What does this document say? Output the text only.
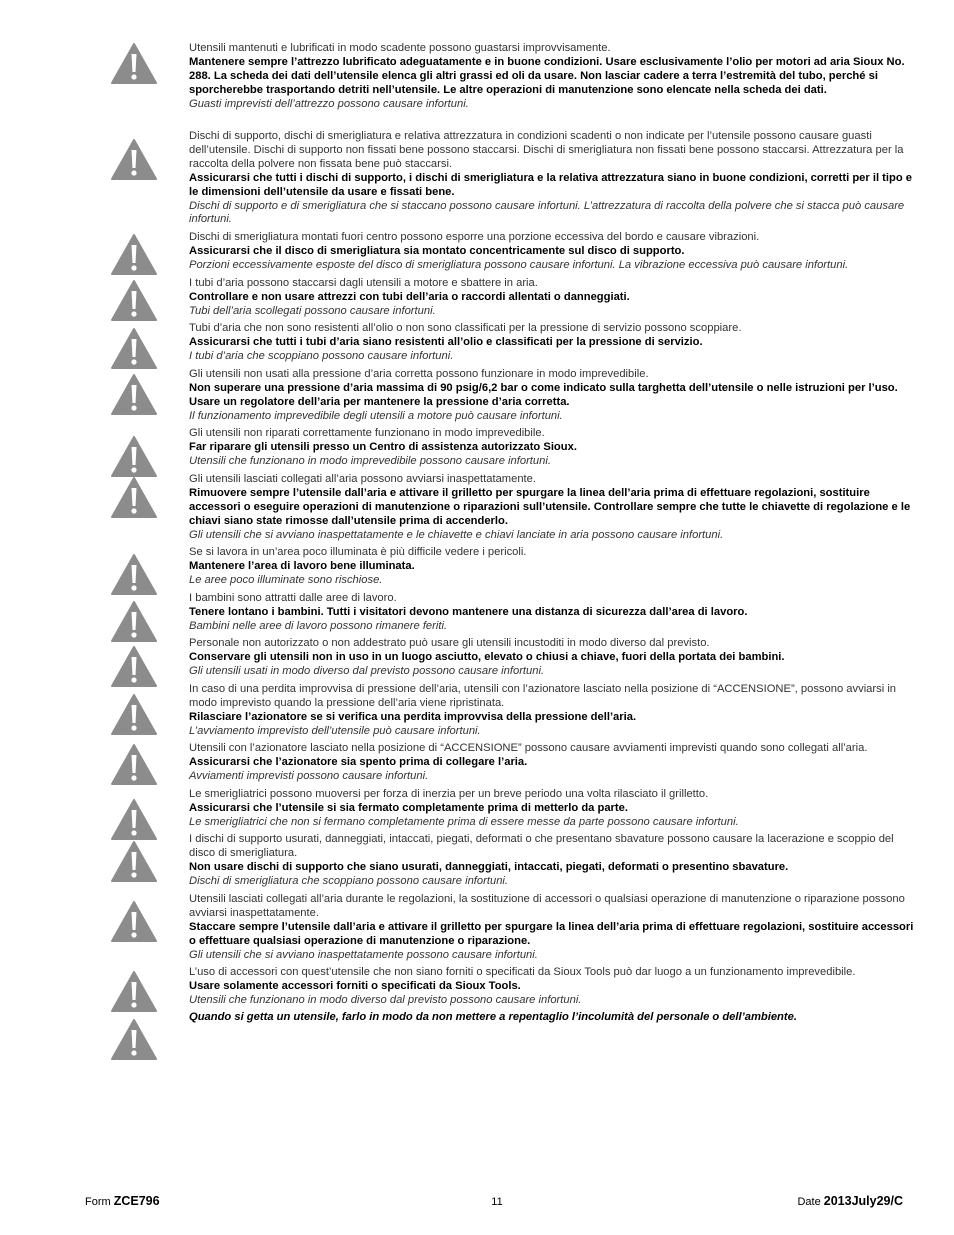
Utensili mantenuti e lubrificati in modo scadente possono guastarsi improvvisamente.

Mantenere sempre l’attrezzo lubrificato adeguatamente e in buone condizioni. Usare esclusivamente l’olio per motori ad aria Sioux No. 288. La scheda dei dati dell’utensile elenca gli altri grassi ed oli da usare. Non lasciar cadere a terra l’estremità del tubo, perché si sporcherebbe trasportando detriti nell’utensile. Le altre operazioni di manutenzione sono elencate nella scheda dei dati.

Guasti imprevisti dell’attrezzo possono causare infortuni.

Dischi di supporto, dischi di smerigliatura e relativa attrezzatura in condizioni scadenti o non indicate per l’utensile possono causare guasti dell’utensile. Dischi di supporto non fissati bene possono staccarsi. Dischi di smerigliatura non fissati bene possono staccarsi. Attrezzatura per la raccolta della polvere non fissata bene può staccarsi.

Assicurarsi che tutti i dischi di supporto, i dischi di smerigliatura e la relativa attrezzatura siano in buone condizioni, corretti per il tipo e le dimensioni dell’utensile da usare e fissati bene.

Dischi di supporto e di smerigliatura che si staccano possono causare infortuni. L’attrezzatura di raccolta della polvere che si stacca può causare infortuni.

Dischi di smerigliatura montati fuori centro possono esporre una porzione eccessiva del bordo e causare vibrazioni.

Assicurarsi che il disco di smerigliatura sia montato concentricamente sul disco di supporto.

Porzioni eccessivamente esposte del disco di smerigliatura possono causare infortuni. La vibrazione eccessiva può causare infortuni.

I tubi d’aria possono staccarsi dagli utensili a motore e sbattere in aria.

Controllare e non usare attrezzi con tubi dell’aria o raccordi allentati o danneggiati.

Tubi dell’aria scollegati possono causare infortuni.

Tubi d’aria che non sono resistenti all’olio o non sono classificati per la pressione di servizio possono scoppiare.

Assicurarsi che tutti i tubi d’aria siano resistenti all’olio e classificati per la pressione di servizio.

I tubi d’aria che scoppiano possono causare infortuni.

Gli utensili non usati alla pressione d’aria corretta possono funzionare in modo imprevedibile.

Non superare una pressione d’aria massima di 90 psig/6,2 bar o come indicato sulla targhetta dell’utensile o nelle istruzioni per l’uso. Usare un regolatore dell’aria per mantenere la pressione d’aria corretta.

Il funzionamento imprevedibile degli utensili a motore può causare infortuni.

Gli utensili non riparati correttamente funzionano in modo imprevedibile.

Far riparare gli utensili presso un Centro di assistenza autorizzato Sioux.

Utensili che funzionano in modo imprevedibile possono causare infortuni.

Gli utensili lasciati collegati all’aria possono avviarsi inaspettatamente.

Rimuovere sempre l’utensile dall’aria e attivare il grilletto per spurgare la linea dell’aria prima di effettuare regolazioni, sostituire accessori o eseguire operazioni di manutenzione o riparazioni sull’utensile. Controllare sempre che tutte le chiavette di regolazione e le chiavi siano state rimosse dall’utensile prima di accenderlo.

Gli utensili che si avviano inaspettatamente e le chiavette e chiavi lanciate in aria possono causare infortuni.

Se si lavora in un’area poco illuminata è più difficile vedere i pericoli.

Mantenere l’area di lavoro bene illuminata.

Le aree poco illuminate sono rischiose.

I bambini sono attratti dalle aree di lavoro.

Tenere lontano i bambini. Tutti i visitatori devono mantenere una distanza di sicurezza dall’area di lavoro.

Bambini nelle aree di lavoro possono rimanere feriti.

Personale non autorizzato o non addestrato può usare gli utensili incustoditi in modo diverso dal previsto.

Conservare gli utensili non in uso in un luogo asciutto, elevato o chiusi a chiave, fuori della portata dei bambini.

Gli utensili usati in modo diverso dal previsto possono causare infortuni.

In caso di una perdita improvvisa di pressione dell’aria, utensili con l’azionatore lasciato nella posizione di “ACCENSIONE”, possono avviarsi in modo imprevisto quando la pressione dell’aria viene ripristinata.

Rilasciare l’azionatore se si verifica una perdita improvvisa della pressione dell’aria.

L’avviamento imprevisto dell’utensile può causare infortuni.

Utensili con l’azionatore lasciato nella posizione di “ACCENSIONE” possono causare avviamenti imprevisti quando sono collegati all’aria.

Assicurarsi che l’azionatore sia spento prima di collegare l’aria.

Avviamenti imprevisti possono causare infortuni.

Le smerigliatrici possono muoversi per forza di inerzia per un breve periodo una volta rilasciato il grilletto.

Assicurarsi che l’utensile si sia fermato completamente prima di metterlo da parte.

Le smerigliatrici che non si fermano completamente prima di essere messe da parte possono causare infortuni.

I dischi di supporto usurati, danneggiati, intaccati, piegati, deformati o che presentano sbavature possono causare la lacerazione e scoppio del disco di smerigliatura.

Non usare dischi di supporto che siano usurati, danneggiati, intaccati, piegati, deformati o presentino sbavature.

Dischi di smerigliatura che scoppiano possono causare infortuni.

Utensili lasciati collegati all’aria durante le regolazioni, la sostituzione di accessori o qualsiasi operazione di manutenzione o riparazione possono avviarsi inaspettatamente.

Staccare sempre l’utensile dall’aria e attivare il grilletto per spurgare la linea dell’aria prima di effettuare regolazioni, sostituire accessori o effettuare qualsiasi operazione di manutenzione o riparazione.

Gli utensili che si avviano inaspettatamente possono causare infortuni.

L’uso di accessori con quest’utensile che non siano forniti o specificati da Sioux Tools può dar luogo a un funzionamento imprevedibile.

Usare solamente accessori forniti o specificati da Sioux Tools.

Utensili che funzionano in modo diverso dal previsto possono causare infortuni.

Quando si getta un utensile, farlo in modo da non mettere a repentaglio l’incolumità del personale o dell’ambiente.

Form ZCE796	11	Date 2013July29/C
